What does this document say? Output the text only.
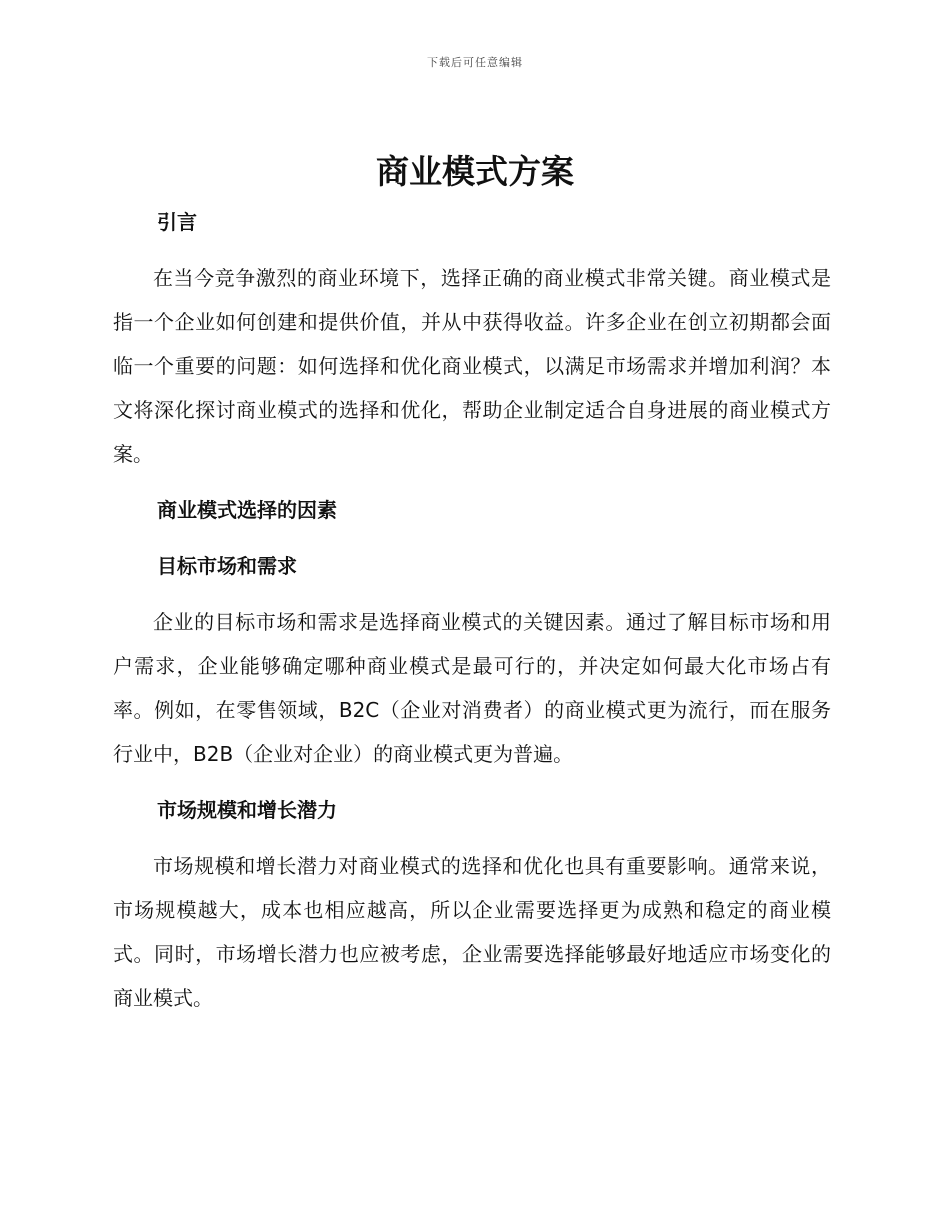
下载后可任意编辑
商业模式方案
引言

在当今竞争激烈的商业环境下，选择正确的商业模式非常关键。商业模式是指一个企业如何创建和提供价值，并从中获得收益。许多企业在创立初期都会面临一个重要的问题：如何选择和优化商业模式，以满足市场需求并增加利润？本文将深化探讨商业模式的选择和优化，帮助企业制定适合自身进展的商业模式方案。

商业模式选择的因素
目标市场和需求

企业的目标市场和需求是选择商业模式的关键因素。通过了解目标市场和用户需求，企业能够确定哪种商业模式是最可行的，并决定如何最大化市场占有率。例如，在零售领域，B2C（企业对消费者）的商业模式更为流行，而在服务行业中，B2B（企业对企业）的商业模式更为普遍。

市场规模和增长潜力

市场规模和增长潜力对商业模式的选择和优化也具有重要影响。通常来说，市场规模越大，成本也相应越高，所以企业需要选择更为成熟和稳定的商业模式。同时，市场增长潜力也应被考虑，企业需要选择能够最好地适应市场变化的商业模式。
